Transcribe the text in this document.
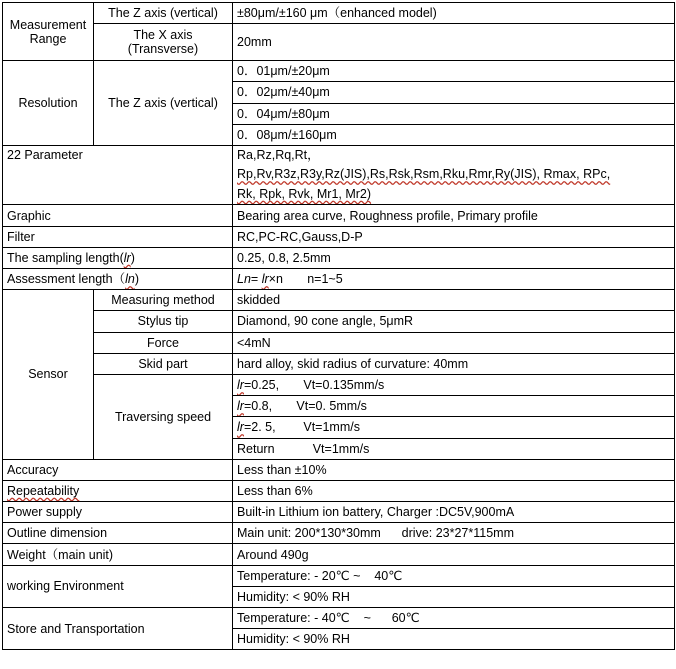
Measurement Range	The Z axis (vertical)	±80μm/±160 μm（enhanced model)
	The X axis (Transverse)	20mm
Resolution	The Z axis (vertical)	0．01μm/±20μm
		0．02μm/±40μm
		0．04μm/±80μm
		0．08μm/±160μm
22 Parameter		Ra,Rz,Rq,Rt，
Rp,Rv,R3z,R3y,Rz(JIS),Rs,Rsk,Rsm,Rku,Rmr,Ry(JIS), Rmax, RPc,
Rk, Rpk, Rvk, Mr1, Mr2)
Graphic		Bearing area curve, Roughness profile, Primary profile
Filter		RC,PC-RC,Gauss,D-P
The sampling length(lr)		0.25, 0.8, 2.5mm
Assessment length（ln)		Ln= lr×n       n=1~5
Sensor	Measuring method	skidded
	Stylus tip	Diamond, 90 cone angle, 5μmR
	Force	<4mN
	Skid part	hard alloy, skid radius of curvature: 40mm
	Traversing speed	lr=0.25,       Vt=0.135mm/s
		lr=0.8,       Vt=0. 5mm/s
		lr=2. 5,        Vt=1mm/s
		Return           Vt=1mm/s
Accuracy		Less than ±10%
Repeatability		Less than 6%
Power supply		Built-in Lithium ion battery, Charger :DC5V,900mA
Outline dimension		Main unit: 200*130*30mm      drive: 23*27*115mm
Weight（main unit)		Around 490g
working Environment		Temperature: - 20℃ ~    40℃
		Humidity: < 90% RH
Store and Transportation		Temperature: - 40℃    ~      60℃
		Humidity: < 90% RH
